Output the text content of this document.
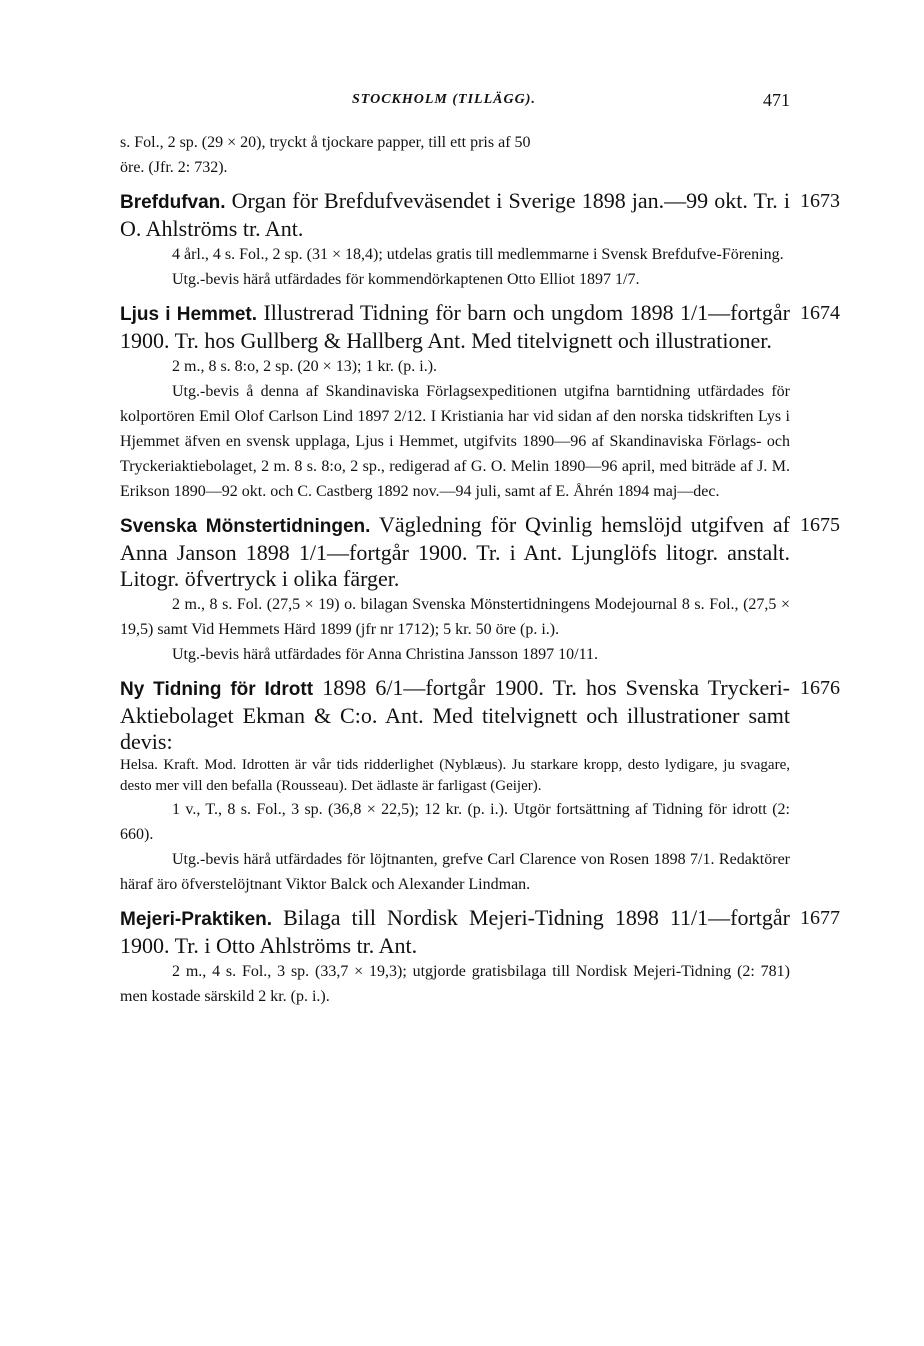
STOCKHOLM (TILLÄGG).	471

s. Fol., 2 sp. (29 × 20), tryckt å tjockare papper, till ett pris af 50

öre. (Jfr. 2: 732).

1673

Brefdufvan. Organ för Brefdufveväsendet i Sverige 1898 jan.—99 okt. Tr. i O. Ahlströms tr. Ant.

4 årl., 4 s. Fol., 2 sp. (31 × 18,4); utdelas gratis till medlemmarne i Svensk Brefdufve-Förening.

Utg.-bevis härå utfärdades för kommendörkaptenen Otto Elliot 1897 1/7.

1674

Ljus i Hemmet. Illustrerad Tidning för barn och ungdom 1898 1/1—fortgår 1900. Tr. hos Gullberg & Hallberg Ant. Med titelvignett och illustrationer.

2 m., 8 s. 8:o, 2 sp. (20 × 13); 1 kr. (p. i.).

Utg.-bevis å denna af Skandinaviska Förlagsexpeditionen utgifna barntidning utfärdades för kolportören Emil Olof Carlson Lind 1897 2/12. I Kristiania har vid sidan af den norska tidskriften Lys i Hjemmet äfven en svensk upplaga, Ljus i Hemmet, utgifvits 1890—96 af Skandinaviska Förlags- och Tryckeriaktiebolaget, 2 m. 8 s. 8:o, 2 sp., redigerad af G. O. Melin 1890—96 april, med biträde af J. M. Erikson 1890—92 okt. och C. Castberg 1892 nov.—94 juli, samt af E. Åhrén 1894 maj—dec.

1675

Svenska Mönstertidningen. Vägledning för Qvinlig hemslöjd utgifven af Anna Janson 1898 1/1—fortgår 1900. Tr. i Ant. Ljunglöfs litogr. anstalt. Litogr. öfvertryck i olika färger.

2 m., 8 s. Fol. (27,5 × 19) o. bilagan Svenska Mönstertidningens Modejournal 8 s. Fol., (27,5 × 19,5) samt Vid Hemmets Härd 1899 (jfr nr 1712); 5 kr. 50 öre (p. i.).

Utg.-bevis härå utfärdades för Anna Christina Jansson 1897 10/11.

1676

Ny Tidning för Idrott 1898 6/1—fortgår 1900. Tr. hos Svenska Tryckeri-Aktiebolaget Ekman & C:o. Ant. Med titelvignett och illustrationer samt devis:

Helsa. Kraft. Mod. Idrotten är vår tids ridderlighet (Nyblæus). Ju starkare kropp, desto lydigare, ju svagare, desto mer vill den befalla (Rousseau). Det ädlaste är farligast (Geijer).

1 v., T., 8 s. Fol., 3 sp. (36,8 × 22,5); 12 kr. (p. i.). Utgör fortsättning af Tidning för idrott (2: 660).

Utg.-bevis härå utfärdades för löjtnanten, grefve Carl Clarence von Rosen 1898 7/1. Redaktörer häraf äro öfverstelöjtnant Viktor Balck och Alexander Lindman.

1677

Mejeri-Praktiken. Bilaga till Nordisk Mejeri-Tidning 1898 11/1—fortgår 1900. Tr. i Otto Ahlströms tr. Ant.

2 m., 4 s. Fol., 3 sp. (33,7 × 19,3); utgjorde gratisbilaga till Nordisk Mejeri-Tidning (2: 781) men kostade särskild 2 kr. (p. i.).
